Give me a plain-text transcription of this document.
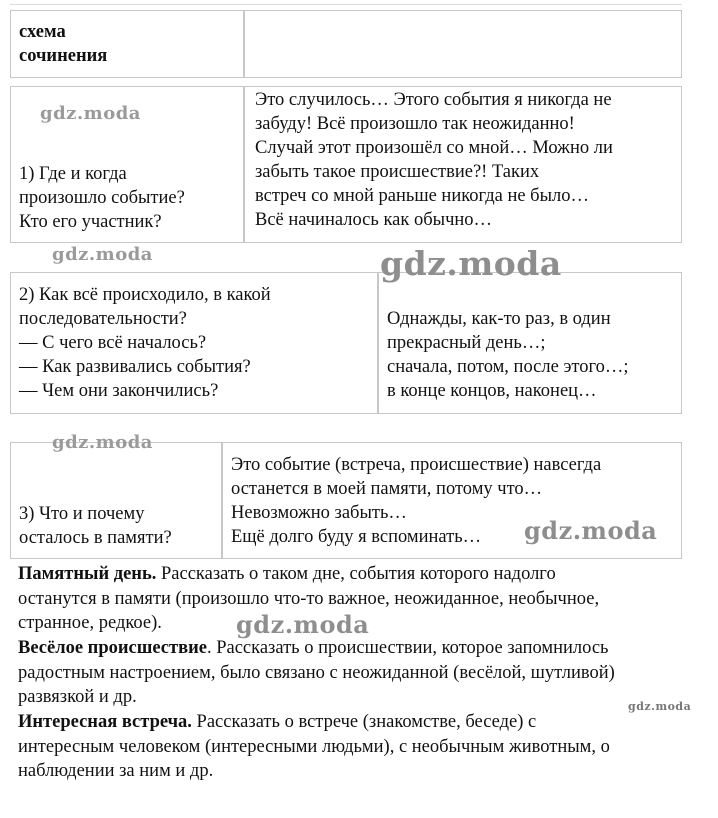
схема
сочинения
1) Где и когда
произошло событие?
Кто его участник?
Это случилось… Этого события я никогда не
забуду! Всё произошло так неожиданно!
Случай этот произошёл со мной… Можно ли
забыть такое происшествие?! Таких
встреч со мной раньше никогда не было…
Всё начиналось как обычно…
2) Как всё происходило, в какой
последовательности?
— С чего всё началось?
— Как развивались события?
— Чем они закончились?
Однажды, как-то раз, в один
прекрасный день…;
сначала, потом, после этого…;
в конце концов, наконец…
3) Что и почему
осталось в памяти?
Это событие (встреча, происшествие) навсегда
останется в моей памяти, потому что…
Невозможно забыть…
Ещё долго буду я вспоминать…
Памятный день. Рассказать о таком дне, события которого надолго
останутся в памяти (произошло что-то важное, неожиданное, необычное,
странное, редкое).
Весёлое происшествие. Рассказать о происшествии, которое запомнилось
радостным настроением, было связано с неожиданной (весёлой, шутливой)
развязкой и др.
Интересная встреча. Рассказать о встрече (знакомстве, беседе) с
интересным человеком (интересными людьми), с необычным животным, о
наблюдении за ним и др.
gdz.moda
gdz.moda	gdz.moda
gdz.moda
gdz.moda
gdz.moda
gdz.moda
